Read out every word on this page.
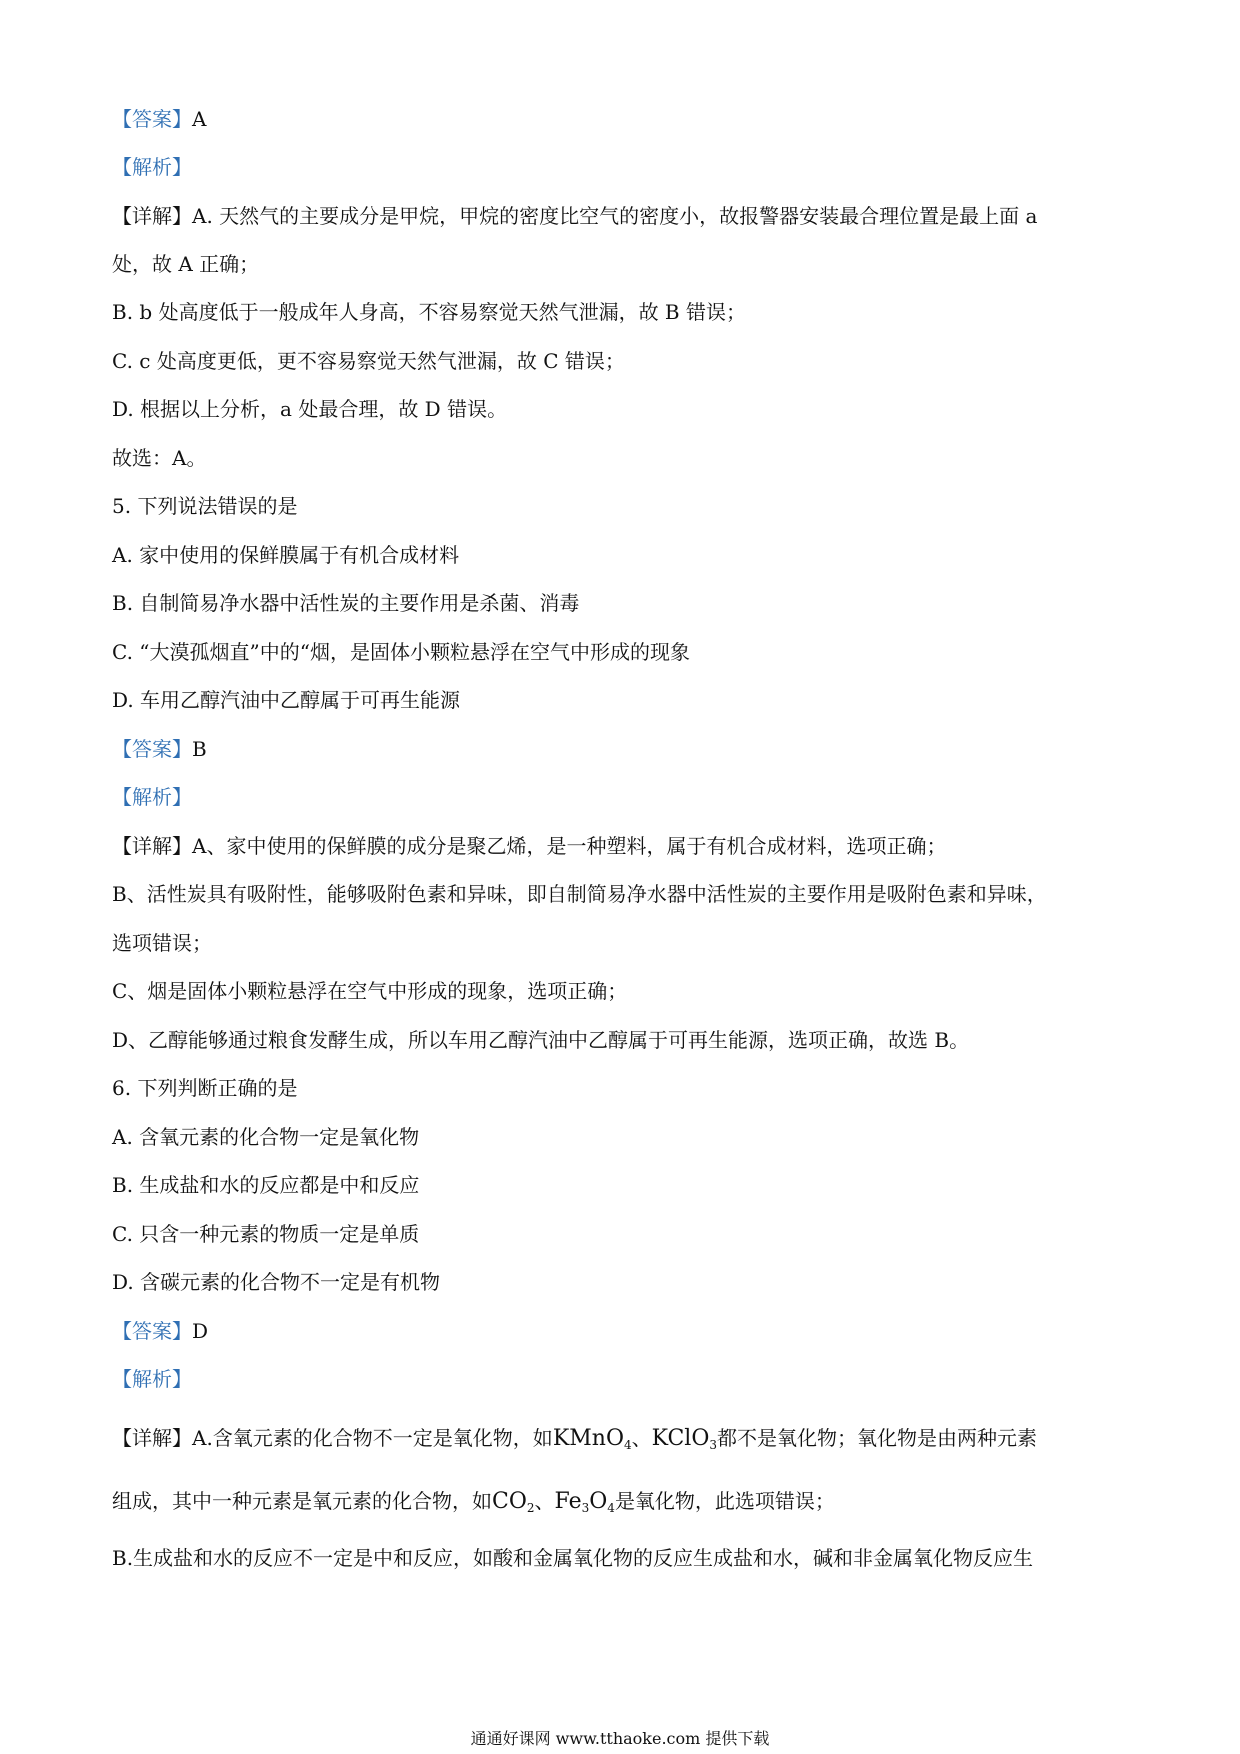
【答案】A
【解析】
【详解】A. 天然气的主要成分是甲烷，甲烷的密度比空气的密度小，故报警器安装最合理位置是最上面 a
处，故 A 正确；
B. b 处高度低于一般成年人身高，不容易察觉天然气泄漏，故 B 错误；
C. c 处高度更低，更不容易察觉天然气泄漏，故 C 错误；
D. 根据以上分析，a 处最合理，故 D 错误。
故选：A。
5. 下列说法错误的是
A. 家中使用的保鲜膜属于有机合成材料
B. 自制简易净水器中活性炭的主要作用是杀菌、消毒
C. “大漠孤烟直”中的“烟，是固体小颗粒悬浮在空气中形成的现象
D. 车用乙醇汽油中乙醇属于可再生能源
【答案】B
【解析】
【详解】A、家中使用的保鲜膜的成分是聚乙烯，是一种塑料，属于有机合成材料，选项正确；
B、活性炭具有吸附性，能够吸附色素和异味，即自制简易净水器中活性炭的主要作用是吸附色素和异味，
选项错误；
C、烟是固体小颗粒悬浮在空气中形成的现象，选项正确；
D、乙醇能够通过粮食发酵生成，所以车用乙醇汽油中乙醇属于可再生能源，选项正确，故选 B。
6. 下列判断正确的是
A. 含氧元素的化合物一定是氧化物
B. 生成盐和水的反应都是中和反应
C. 只含一种元素的物质一定是单质
D. 含碳元素的化合物不一定是有机物
【答案】D
【解析】
【详解】A.含氧元素的化合物不一定是氧化物，如KMnO$_4$、KClO$_3$都不是氧化物；氧化物是由两种元素
组成，其中一种元素是氧元素的化合物，如$CO_2$、$Fe_3O_4$是氧化物，此选项错误；
B.生成盐和水的反应不一定是中和反应，如酸和金属氧化物的反应生成盐和水，碱和非金属氧化物反应生
通通好课网 www.tthaoke.com 提供下载
